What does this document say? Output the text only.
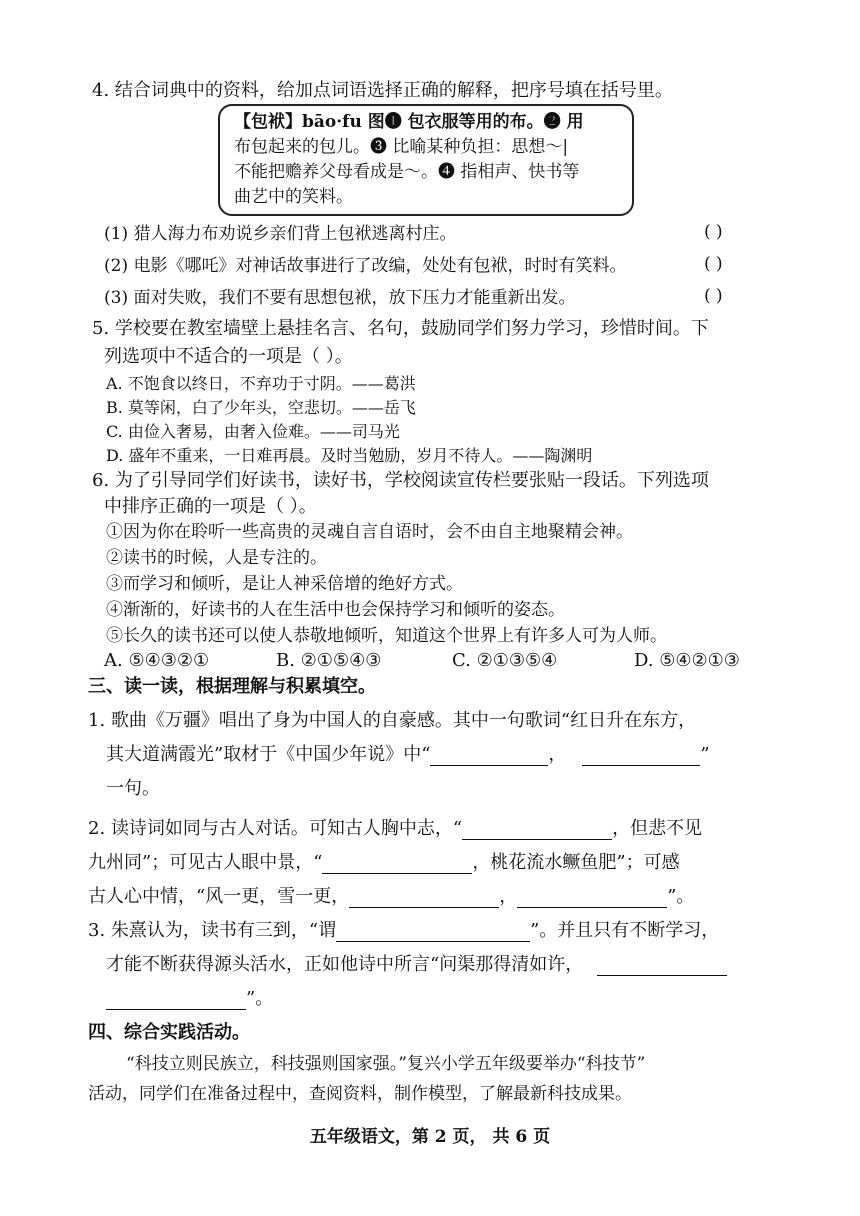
4. 结合词典中的资料，给加点词语选择正确的解释，把序号填在括号里。
【包袱】bāo·fu 图❶ 包衣服等用的布。❷ 用
布包起来的包儿。❸ 比喻某种负担：思想～|
不能把赡养父母看成是～。❹ 指相声、快书等
曲艺中的笑料。
(1) 猎人海力布劝说乡亲们背上包袱逃离村庄。	( )
(2) 电影《哪吒》对神话故事进行了改编，处处有包袱，时时有笑料。	( )
(3) 面对失败，我们不要有思想包袱，放下压力才能重新出发。	( )
5. 学校要在教室墙壁上悬挂名言、名句，鼓励同学们努力学习，珍惜时间。下
列选项中不适合的一项是（ ）。
A. 不饱食以终日，不弃功于寸阴。——葛洪
B. 莫等闲，白了少年头，空悲切。——岳飞
C. 由俭入奢易，由奢入俭难。——司马光
D. 盛年不重来，一日难再晨。及时当勉励，岁月不待人。——陶渊明
6. 为了引导同学们好读书，读好书，学校阅读宣传栏要张贴一段话。下列选项
中排序正确的一项是（ ）。
①因为你在聆听一些高贵的灵魂自言自语时，会不由自主地聚精会神。
②读书的时候，人是专注的。
③而学习和倾听，是让人神采倍增的绝好方式。
④渐渐的，好读书的人在生活中也会保持学习和倾听的姿态。
⑤长久的读书还可以使人恭敬地倾听，知道这个世界上有许多人可为人师。
A. ⑤④③②①	B. ②①⑤④③	C. ②①③⑤④	D. ⑤④②①③
三、读一读，根据理解与积累填空。
1. 歌曲《万疆》唱出了身为中国人的自豪感。其中一句歌词“红日升在东方，
其大道满霞光”取材于《中国少年说》中“	，	”
一句。
2. 读诗词如同与古人对话。可知古人胸中志，“	，但悲不见
九州同”；可见古人眼中景，“	，桃花流水鳜鱼肥”；可感
古人心中情，“风一更，雪一更，	，	”。
3. 朱熹认为，读书有三到，“谓	”。并且只有不断学习，
才能不断获得源头活水，正如他诗中所言“问渠那得清如许，
”。
四、综合实践活动。
“科技立则民族立，科技强则国家强。”复兴小学五年级要举办“科技节”
活动，同学们在准备过程中，查阅资料，制作模型，了解最新科技成果。
五年级语文，第 2 页， 共 6 页
